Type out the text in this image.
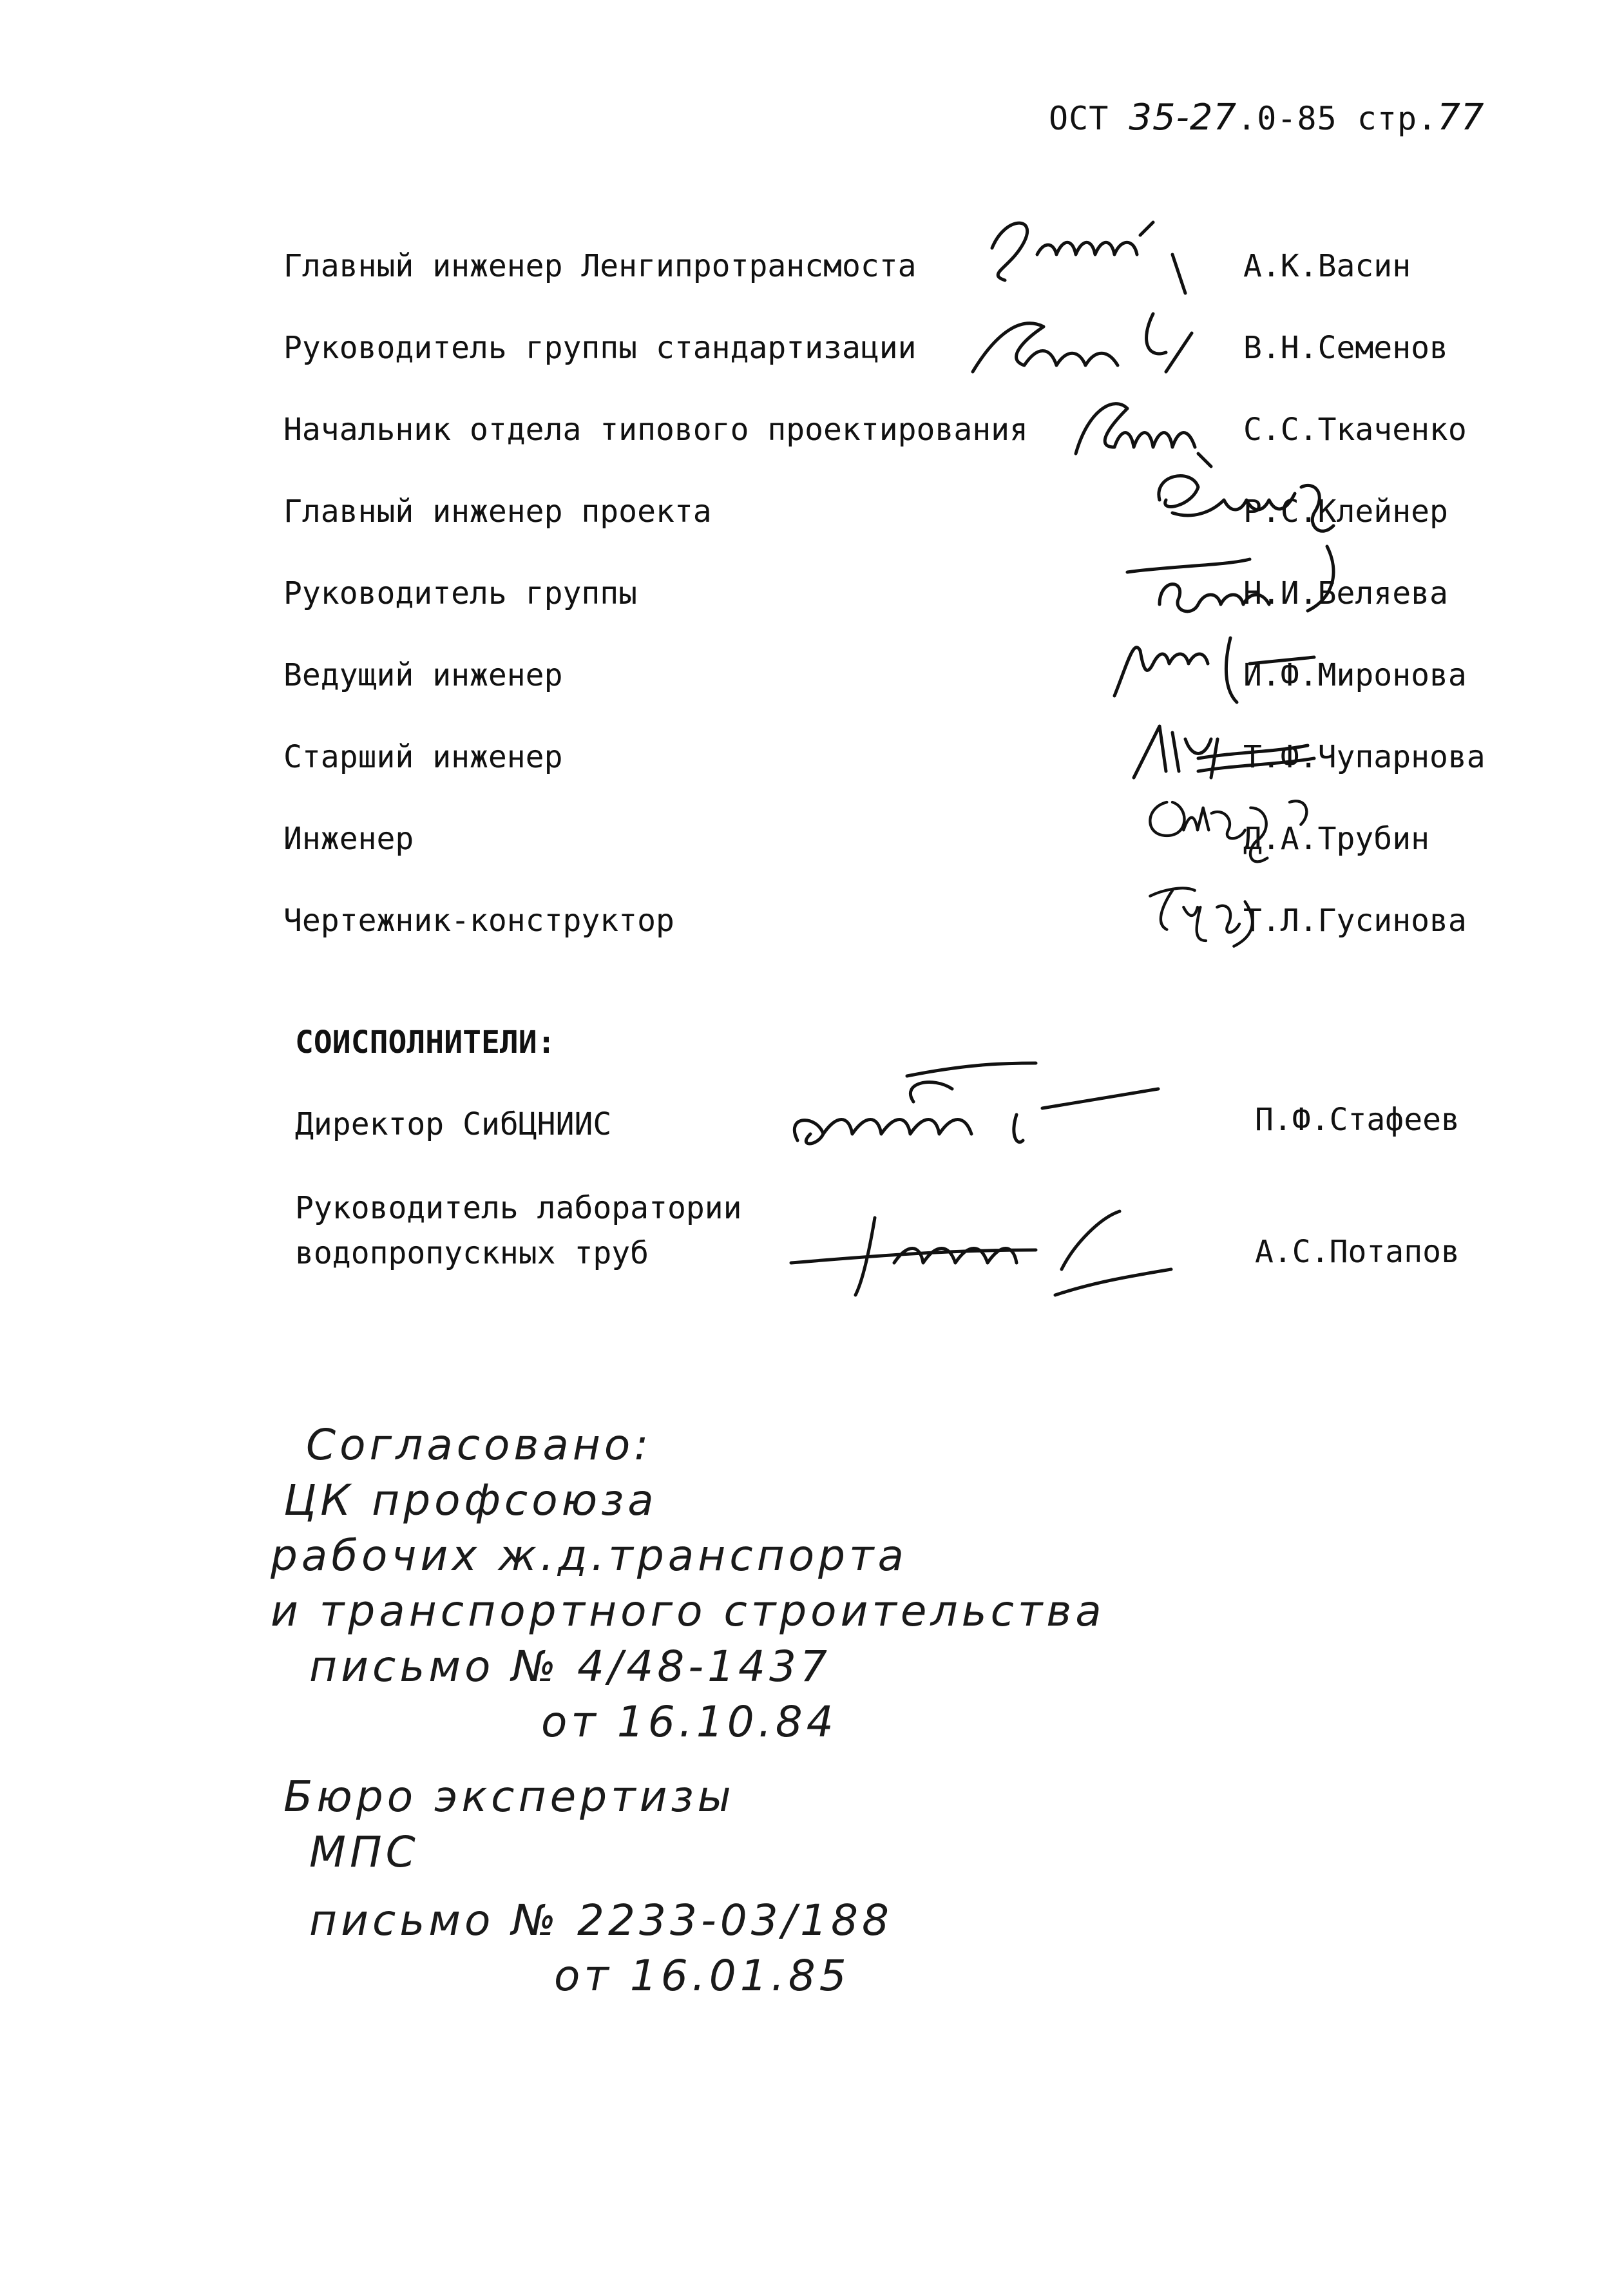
ОСТ 35-27.0-85 стр.77
Главный инженер Ленгипротрансмоста	А.К.Васин
Руководитель группы стандартизации	В.Н.Семенов
Начальник отдела типового проектирования	С.С.Ткаченко
Главный инженер проекта	Р.С.Клейнер
Руководитель группы	Н.И.Беляева
Ведущий инженер	И.Ф.Миронова
Старший инженер	Т.Ф.Чупарнова
Инженер	Д.А.Трубин
Чертежник-конструктор	Т.Л.Гусинова
СОИСПОЛНИТЕЛИ:
Директор СибЦНИИС	П.Ф.Стафеев
Руководитель лаборатории
водопропускных труб	А.С.Потапов
Согласовано:
ЦК профсоюза
рабочих ж.д.транспорта
и транспортного строительства
письмо № 4/48-1437
от 16.10.84
Бюро экспертизы
МПС
письмо № 2233-03/188
от 16.01.85
